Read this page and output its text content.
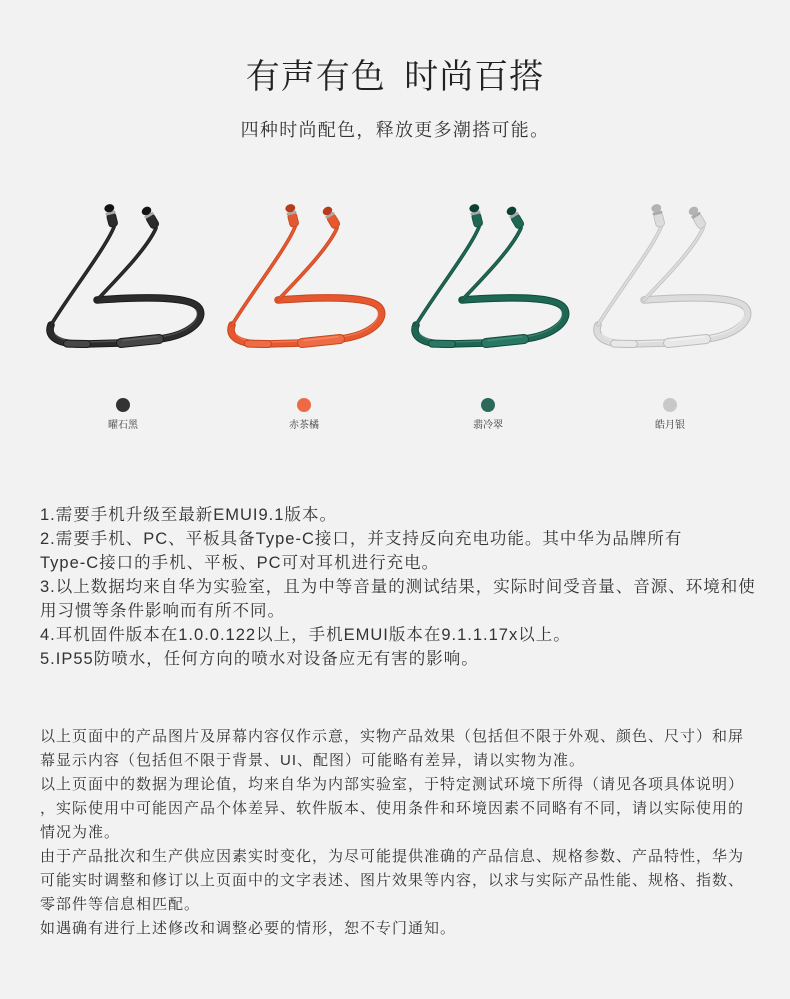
有声有色 时尚百搭
四种时尚配色，释放更多潮搭可能。
曜石黑	赤茶橘	翡冷翠	皓月银
1.需要手机升级至最新EMUI9.1版本。
2.需要手机、PC、平板具备Type-C接口，并支持反向充电功能。其中华为品牌所有
Type-C接口的手机、平板、PC可对耳机进行充电。
3.以上数据均来自华为实验室，且为中等音量的测试结果，实际时间受音量、音源、环境和使
用习惯等条件影响而有所不同。
4.耳机固件版本在1.0.0.122以上，手机EMUI版本在9.1.1.17x以上。
5.IP55防喷水，任何方向的喷水对设备应无有害的影响。
以上页面中的产品图片及屏幕内容仅作示意，实物产品效果（包括但不限于外观、颜色、尺寸）和屏
幕显示内容（包括但不限于背景、UI、配图）可能略有差异，请以实物为准。
以上页面中的数据为理论值，均来自华为内部实验室，于特定测试环境下所得（请见各项具体说明）
，实际使用中可能因产品个体差异、软件版本、使用条件和环境因素不同略有不同，请以实际使用的
情况为准。
由于产品批次和生产供应因素实时变化，为尽可能提供准确的产品信息、规格参数、产品特性，华为
可能实时调整和修订以上页面中的文字表述、图片效果等内容，以求与实际产品性能、规格、指数、
零部件等信息相匹配。
如遇确有进行上述修改和调整必要的情形，恕不专门通知。
